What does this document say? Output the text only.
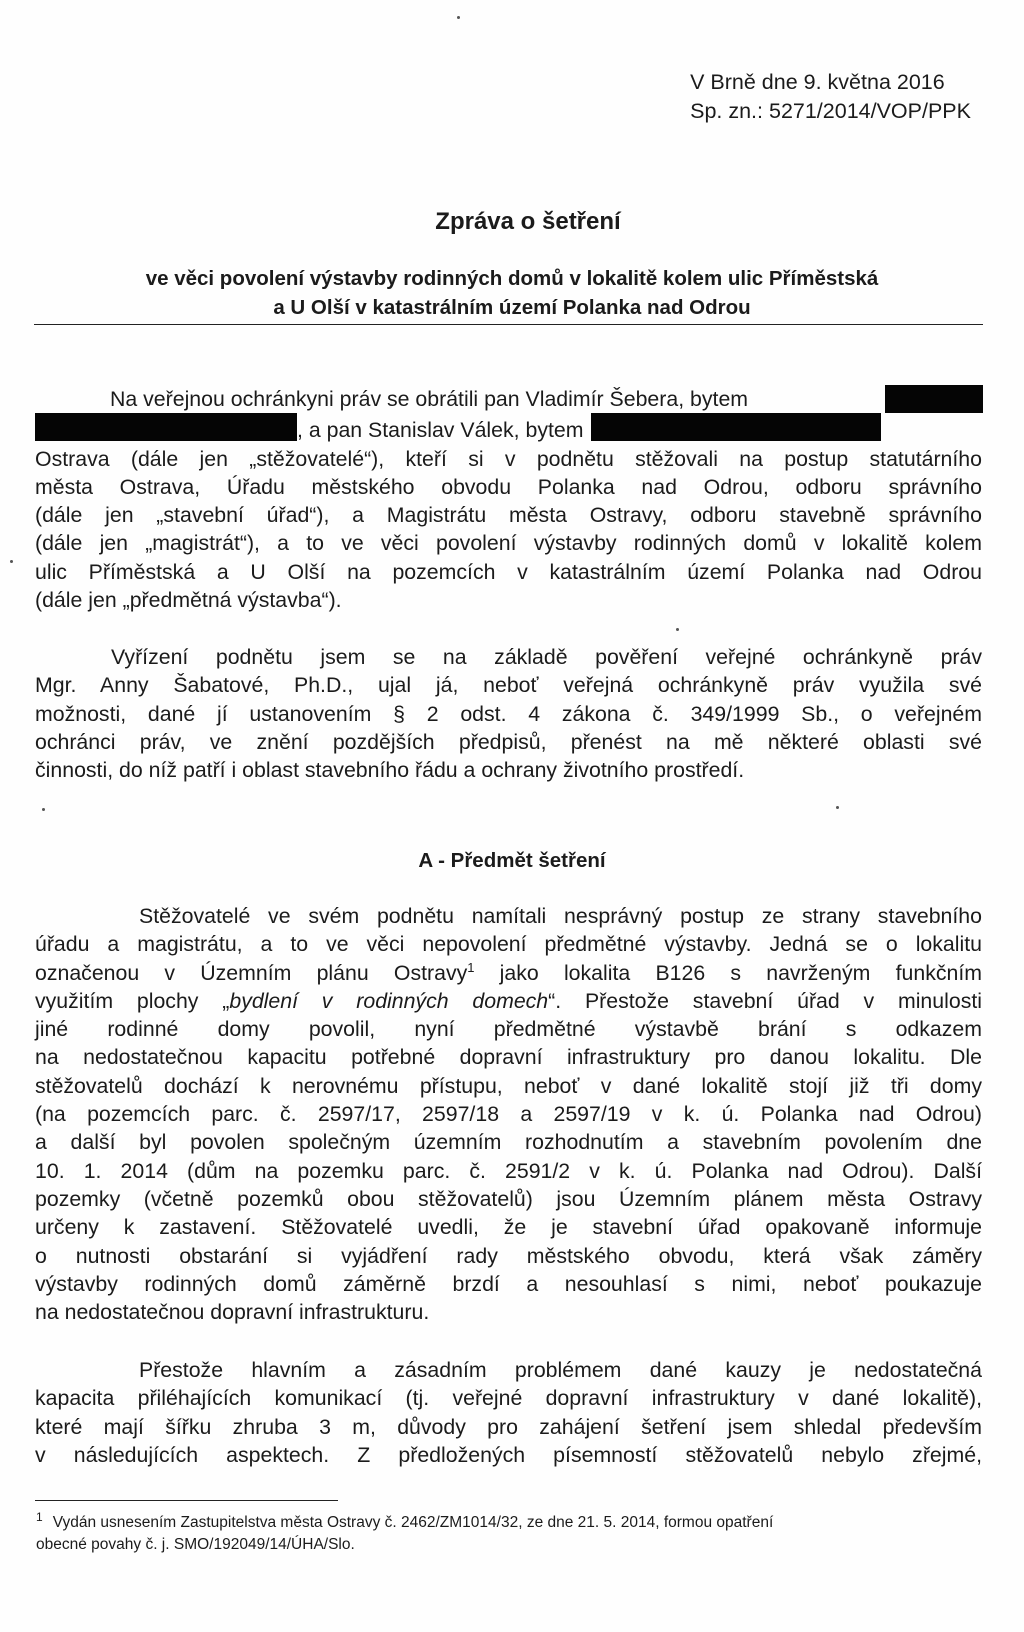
V Brně dne 9. května 2016
Sp. zn.: 5271/2014/VOP/PPK
Zpráva o šetření
ve věci povolení výstavby rodinných domů v lokalitě kolem ulic Příměstská
a U Olší v katastrálním území Polanka nad Odrou
Na veřejnou ochránkyni práv se obrátili pan Vladimír Šebera, bytem
, a pan Stanislav Válek, bytem
Ostrava (dále jen „stěžovatelé“), kteří si v podnětu stěžovali na postup statutárního
města Ostrava, Úřadu městského obvodu Polanka nad Odrou, odboru správního
(dále jen „stavební úřad“), a Magistrátu města Ostravy, odboru stavebně správního
(dále jen „magistrát“), a to ve věci povolení výstavby rodinných domů v lokalitě kolem
ulic Příměstská a U Olší na pozemcích v katastrálním území Polanka nad Odrou
(dále jen „předmětná výstavba“).
Vyřízení podnětu jsem se na základě pověření veřejné ochránkyně práv
Mgr. Anny Šabatové, Ph.D., ujal já, neboť veřejná ochránkyně práv využila své
možnosti, dané jí ustanovením § 2 odst. 4 zákona č. 349/1999 Sb., o veřejném
ochránci práv, ve znění pozdějších předpisů, přenést na mě některé oblasti své
činnosti, do níž patří i oblast stavebního řádu a ochrany životního prostředí.
A - Předmět šetření
Stěžovatelé ve svém podnětu namítali nesprávný postup ze strany stavebního
úřadu a magistrátu, a to ve věci nepovolení předmětné výstavby. Jedná se o lokalitu
označenou v Územním plánu Ostravy$^1$ jako lokalita B126 s navrženým funkčním
využitím plochy „bydlení v rodinných domech“. Přestože stavební úřad v minulosti
jiné rodinné domy povolil, nyní předmětné výstavbě brání s odkazem
na nedostatečnou kapacitu potřebné dopravní infrastruktury pro danou lokalitu. Dle
stěžovatelů dochází k nerovnému přístupu, neboť v dané lokalitě stojí již tři domy
(na pozemcích parc. č. 2597/17, 2597/18 a 2597/19 v k. ú. Polanka nad Odrou)
a další byl povolen společným územním rozhodnutím a stavebním povolením dne
10. 1. 2014 (dům na pozemku parc. č. 2591/2 v k. ú. Polanka nad Odrou). Další
pozemky (včetně pozemků obou stěžovatelů) jsou Územním plánem města Ostravy
určeny k zastavení. Stěžovatelé uvedli, že je stavební úřad opakovaně informuje
o nutnosti obstarání si vyjádření rady městského obvodu, která však záměry
výstavby rodinných domů záměrně brzdí a nesouhlasí s nimi, neboť poukazuje
na nedostatečnou dopravní infrastrukturu.
Přestože hlavním a zásadním problémem dané kauzy je nedostatečná
kapacita přiléhajících komunikací (tj. veřejné dopravní infrastruktury v dané lokalitě),
které mají šířku zhruba 3 m, důvody pro zahájení šetření jsem shledal především
v následujících aspektech. Z předložených písemností stěžovatelů nebylo zřejmé,
$^1$ Vydán usnesením Zastupitelstva města Ostravy č. 2462/ZM1014/32, ze dne 21. 5. 2014, formou opatření
obecné povahy č. j. SMO/192049/14/ÚHA/Slo.
